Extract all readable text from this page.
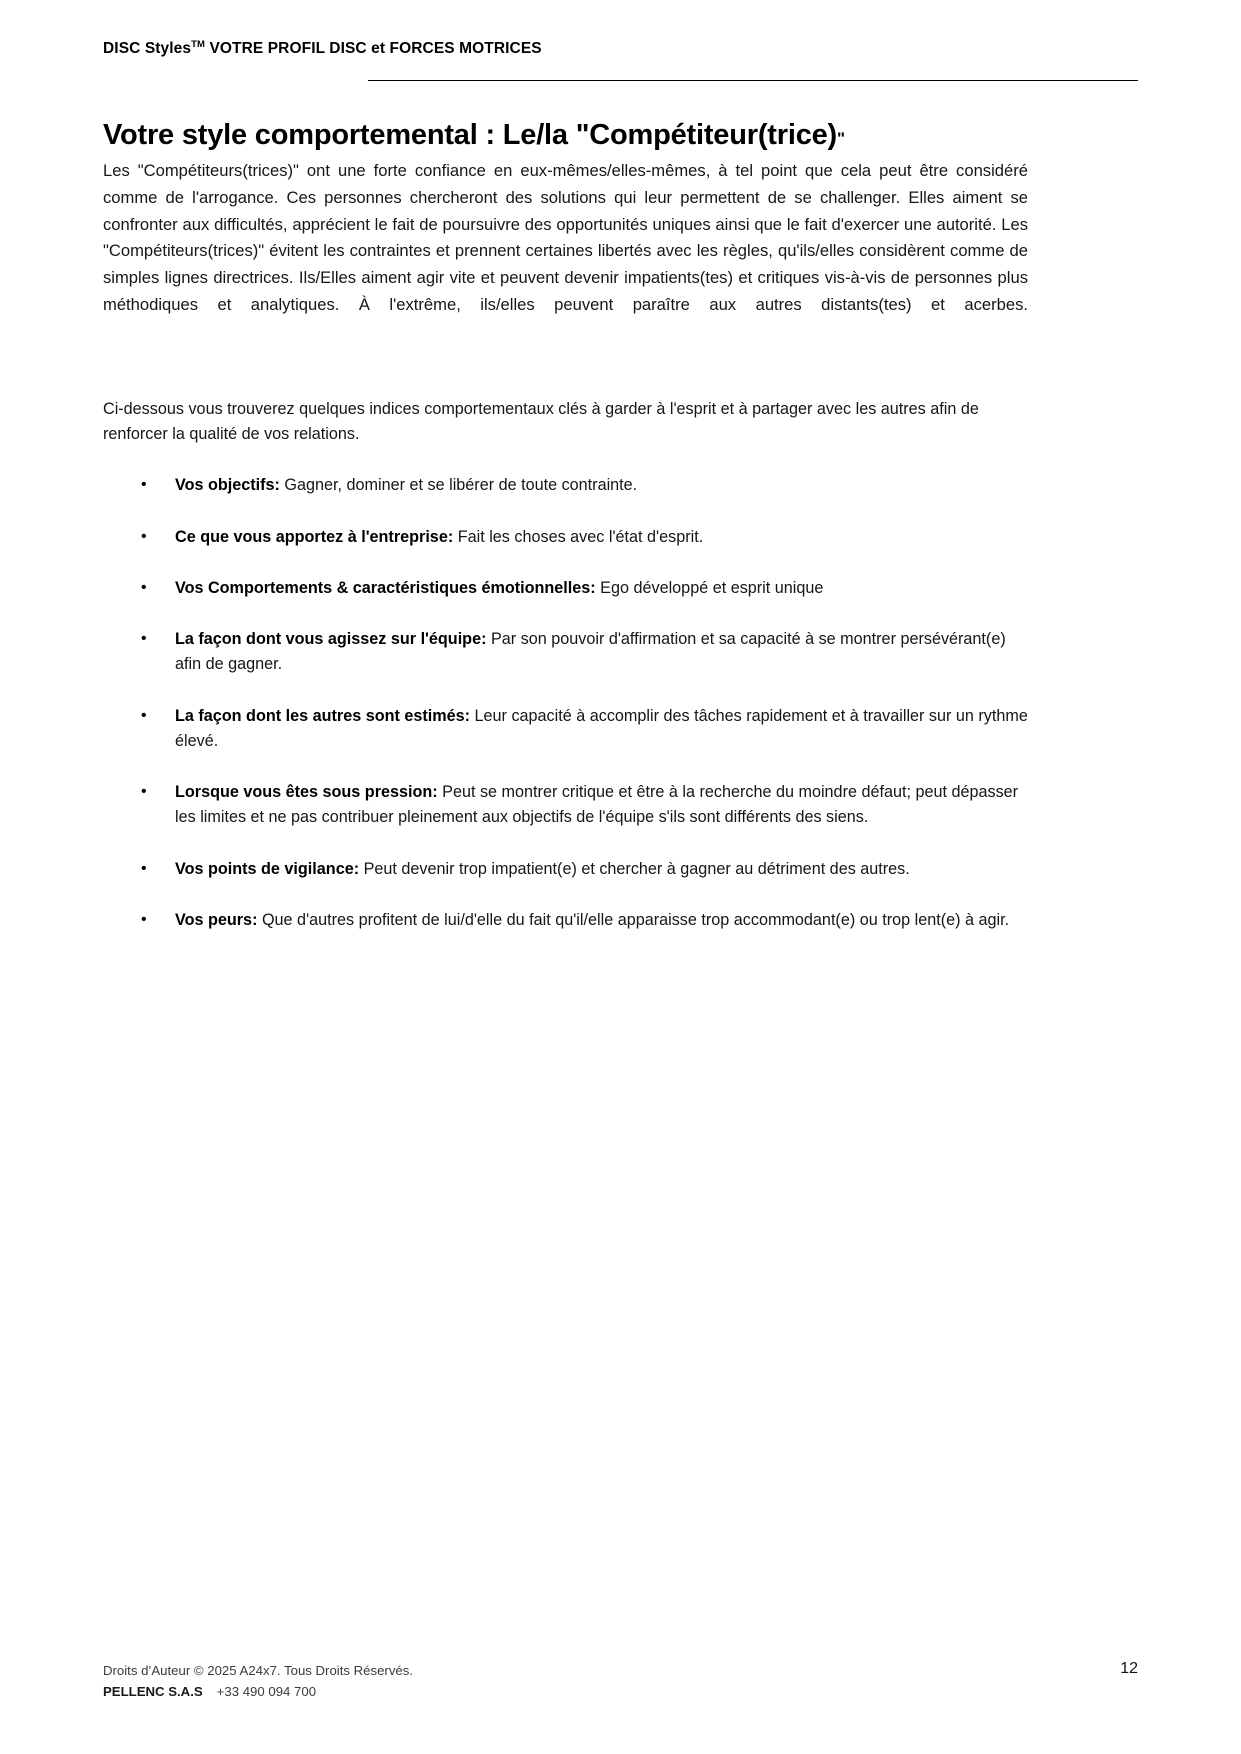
DISC Styles™ VOTRE PROFIL DISC et FORCES MOTRICES
Votre style comportemental : Le/la "Compétiteur(trice)"

Les "Compétiteurs(trices)" ont une forte confiance en eux-mêmes/elles-mêmes, à tel point que cela peut être considéré comme de l'arrogance. Ces personnes chercheront des solutions qui leur permettent de se challenger. Elles aiment se confronter aux difficultés, apprécient le fait de poursuivre des opportunités uniques ainsi que le fait d'exercer une autorité. Les "Compétiteurs(trices)" évitent les contraintes et prennent certaines libertés avec les règles, qu'ils/elles considèrent comme de simples lignes directrices. Ils/Elles aiment agir vite et peuvent devenir impatients(tes) et critiques vis-à-vis de personnes plus méthodiques et analytiques. À l'extrême, ils/elles peuvent paraître aux autres distants(tes) et acerbes.

Ci-dessous vous trouverez quelques indices comportementaux clés à garder à l'esprit et à partager avec les autres afin de renforcer la qualité de vos relations.

• Vos objectifs: Gagner, dominer et se libérer de toute contrainte.
• Ce que vous apportez à l'entreprise: Fait les choses avec l'état d'esprit.
• Vos Comportements & caractéristiques émotionnelles: Ego développé et esprit unique
• La façon dont vous agissez sur l'équipe: Par son pouvoir d'affirmation et sa capacité à se montrer persévérant(e) afin de gagner.
• La façon dont les autres sont estimés: Leur capacité à accomplir des tâches rapidement et à travailler sur un rythme élevé.
• Lorsque vous êtes sous pression: Peut se montrer critique et être à la recherche du moindre défaut; peut dépasser les limites et ne pas contribuer pleinement aux objectifs de l'équipe s'ils sont différents des siens.
• Vos points de vigilance: Peut devenir trop impatient(e) et chercher à gagner au détriment des autres.
• Vos peurs: Que d'autres profitent de lui/d'elle du fait qu'il/elle apparaisse trop accommodant(e) ou trop lent(e) à agir.
Droits d’Auteur © 2025 A24x7. Tous Droits Réservés.
PELLENC S.A.S +33 490 094 700
12
